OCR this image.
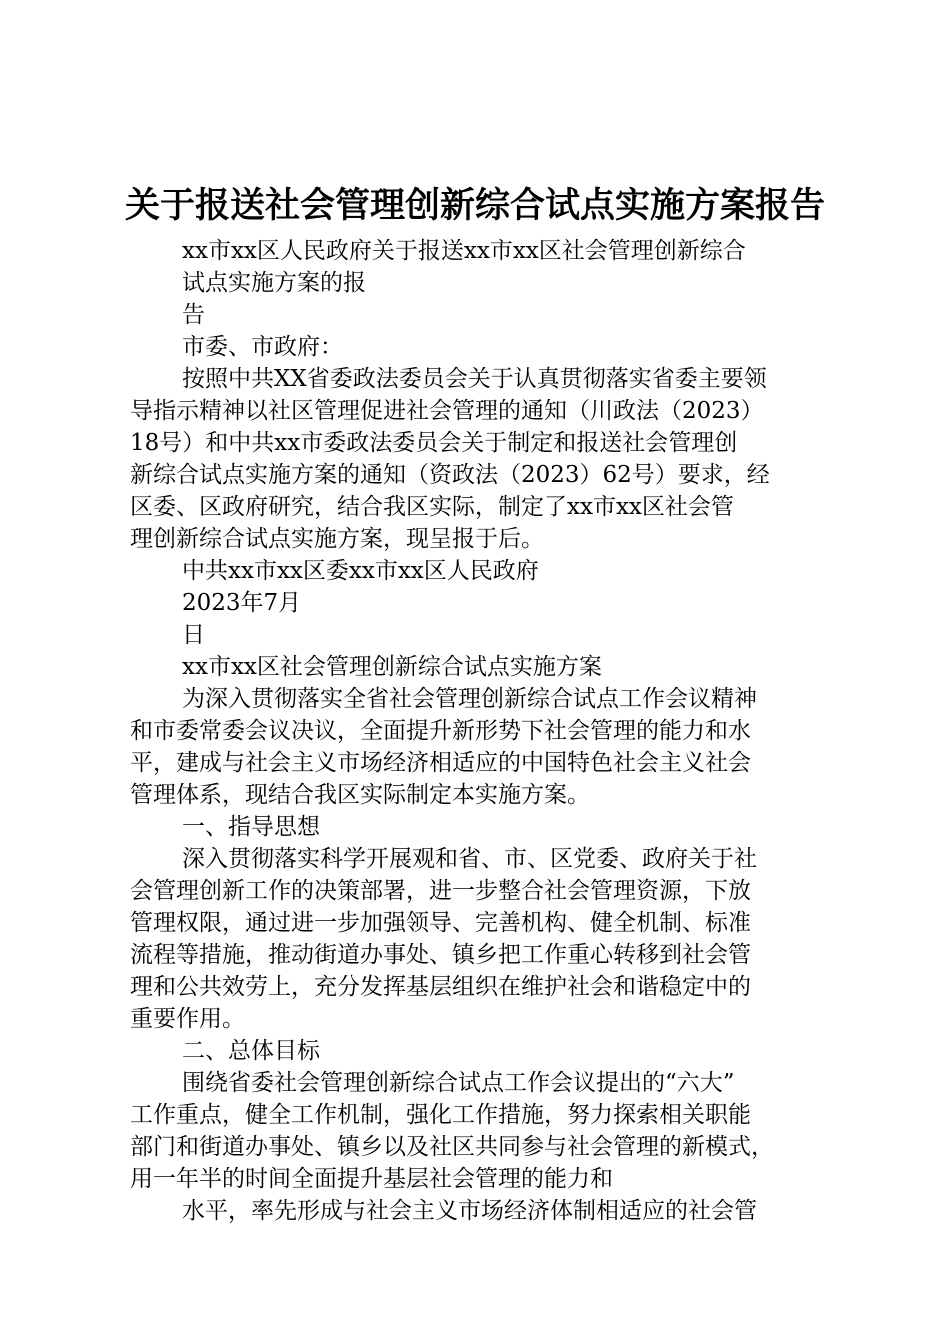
关于报送社会管理创新综合试点实施方案报告
xx市xx区人民政府关于报送xx市xx区社会管理创新综合
试点实施方案的报
告
市委、市政府：
按照中共XX省委政法委员会关于认真贯彻落实省委主要领
导指示精神以社区管理促进社会管理的通知（川政法（2023）
18号）和中共xx市委政法委员会关于制定和报送社会管理创
新综合试点实施方案的通知（资政法（2023）62号）要求，经
区委、区政府研究，结合我区实际，制定了xx市xx区社会管
理创新综合试点实施方案，现呈报于后。
中共xx市xx区委xx市xx区人民政府
2023年7月
日
xx市xx区社会管理创新综合试点实施方案
为深入贯彻落实全省社会管理创新综合试点工作会议精神
和市委常委会议决议，全面提升新形势下社会管理的能力和水
平，建成与社会主义市场经济相适应的中国特色社会主义社会
管理体系，现结合我区实际制定本实施方案。
一、指导思想
深入贯彻落实科学开展观和省、市、区党委、政府关于社
会管理创新工作的决策部署，进一步整合社会管理资源，下放
管理权限，通过进一步加强领导、完善机构、健全机制、标准
流程等措施，推动街道办事处、镇乡把工作重心转移到社会管
理和公共效劳上，充分发挥基层组织在维护社会和谐稳定中的
重要作用。
二、总体目标
围绕省委社会管理创新综合试点工作会议提出的“六大”
工作重点，健全工作机制，强化工作措施，努力探索相关职能
部门和街道办事处、镇乡以及社区共同参与社会管理的新模式，
用一年半的时间全面提升基层社会管理的能力和
水平，率先形成与社会主义市场经济体制相适应的社会管
